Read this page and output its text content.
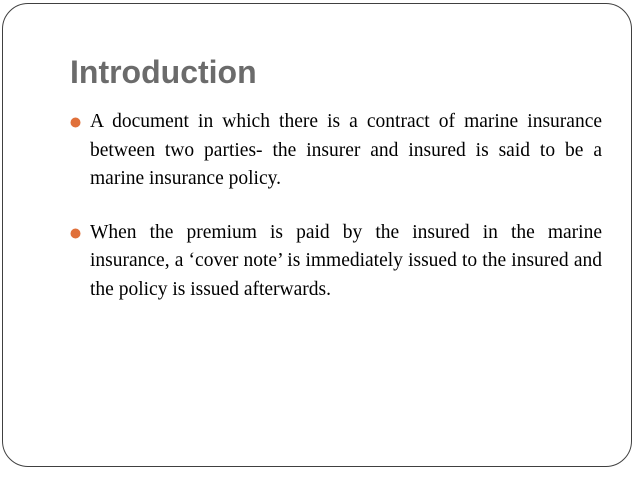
Introduction
A document in which there is a contract of marine insurance between two parties- the insurer and insured is said to be a marine insurance policy.
When the premium is paid by the insured in the marine insurance, a ‘cover note’ is immediately issued to the insured and the policy is issued afterwards.
